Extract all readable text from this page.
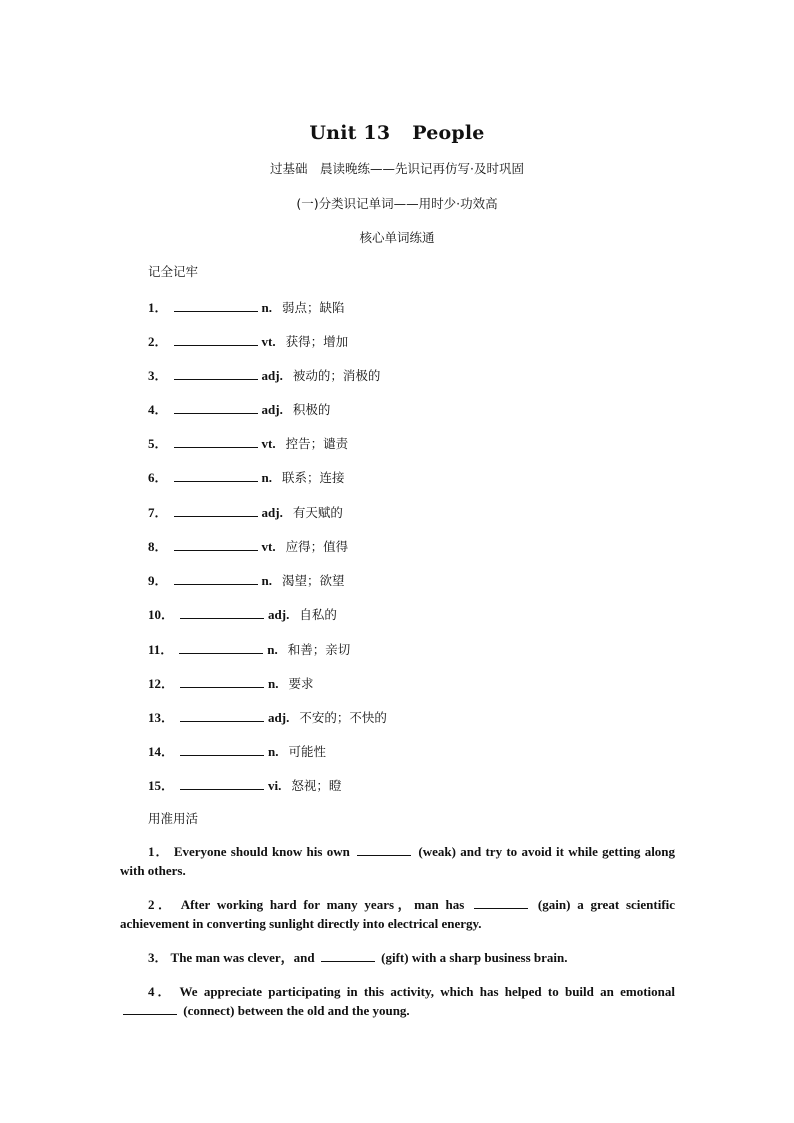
Unit 13 People
过基础　晨读晚练——先识记再仿写·及时巩固
(一)分类识记单词——用时少·功效高
核心单词练通
记全记牢
1．	n. 弱点；缺陷
2．	vt. 获得；增加
3．	adj. 被动的；消极的
4．	adj. 积极的
5．	vt. 控告；谴责
6．	n. 联系；连接
7．	adj. 有天赋的
8．	vt. 应得；值得
9．	n. 渴望；欲望
10．	adj. 自私的
11．	n. 和善；亲切
12．	n. 要求
13．	adj. 不安的；不快的
14．	n. 可能性
15．	vi. 怒视；瞪
用准用活
1． Everyone should know his own	(weak) and try to avoid it while getting along with others.
2． After working hard for many years，man has	(gain) a great scientific achievement in converting sunlight directly into electrical energy.
3． The man was clever，and	(gift) with a sharp business brain.
4． We appreciate participating in this activity, which has helped to build an emotional  (connect) between the old and the young.
